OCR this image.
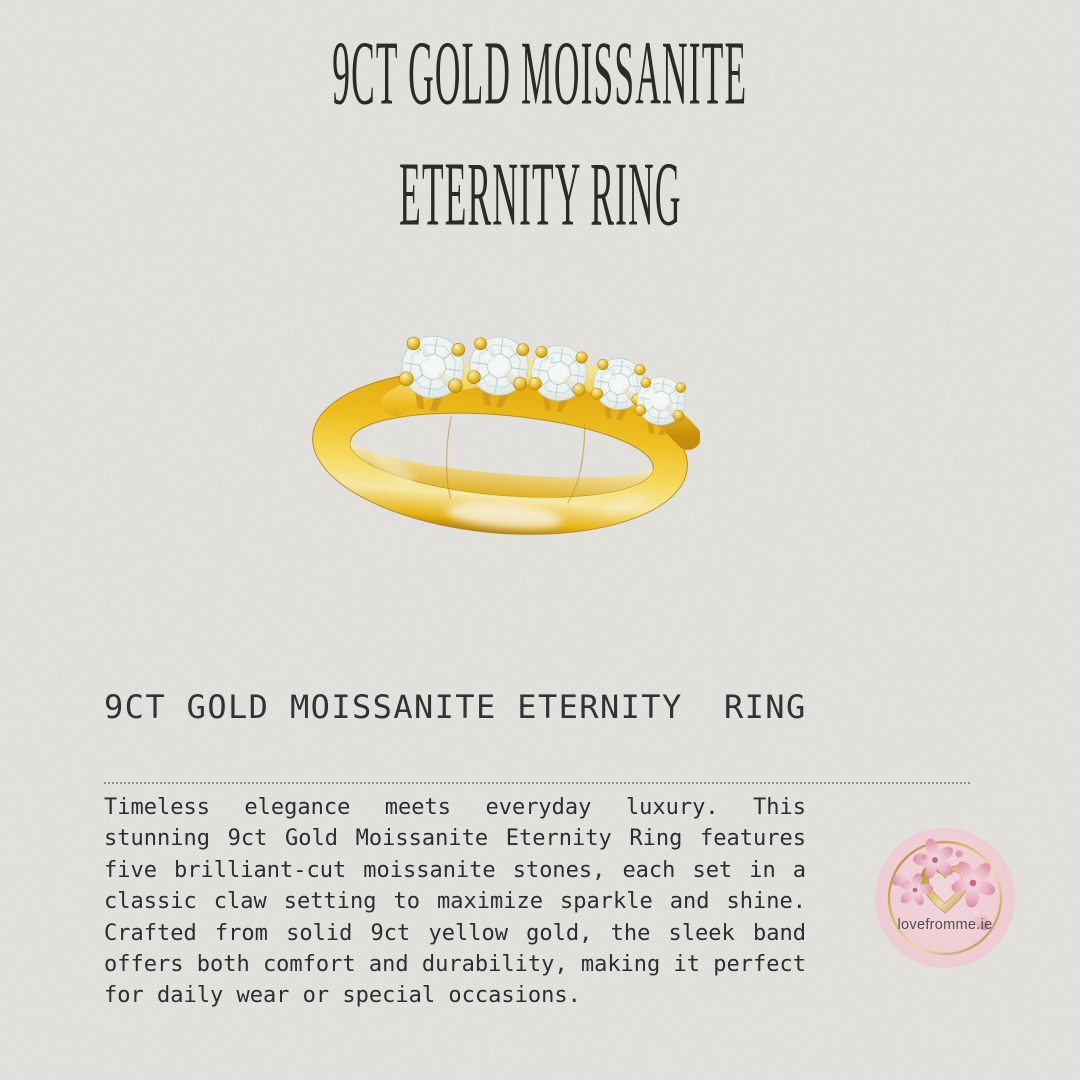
9CT GOLD MOISSANITE
ETERNITY RING
9CT GOLD MOISSANITE ETERNITY  RING
Timeless elegance meets everyday luxury. This stunning 9ct Gold Moissanite Eternity Ring features five brilliant-cut moissanite stones, each set in a classic claw setting to maximize sparkle and shine. Crafted from solid 9ct yellow gold, the sleek band offers both comfort and durability, making it perfect for daily wear or special occasions.
lovefromme.ie
